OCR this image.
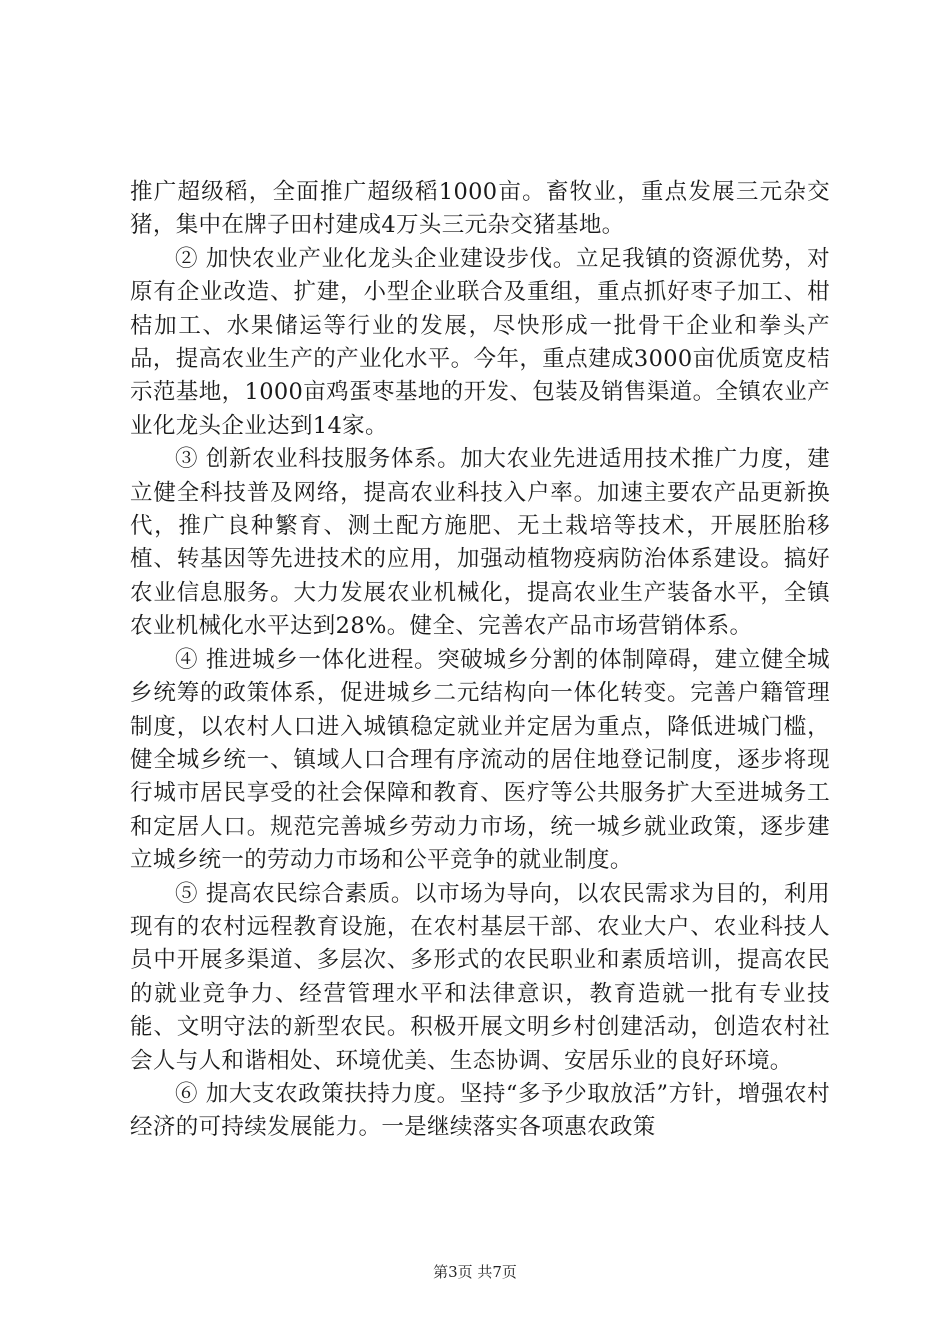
推广超级稻，全面推广超级稻1000亩。畜牧业，重点发展三元杂交猪，集中在牌子田村建成4万头三元杂交猪基地。

② 加快农业产业化龙头企业建设步伐。立足我镇的资源优势，对原有企业改造、扩建，小型企业联合及重组，重点抓好枣子加工、柑桔加工、水果储运等行业的发展，尽快形成一批骨干企业和拳头产品，提高农业生产的产业化水平。今年，重点建成3000亩优质宽皮桔示范基地，1000亩鸡蛋枣基地的开发、包装及销售渠道。全镇农业产业化龙头企业达到14家。

③ 创新农业科技服务体系。加大农业先进适用技术推广力度，建立健全科技普及网络，提高农业科技入户率。加速主要农产品更新换代，推广良种繁育、测土配方施肥、无土栽培等技术，开展胚胎移植、转基因等先进技术的应用，加强动植物疫病防治体系建设。搞好农业信息服务。大力发展农业机械化，提高农业生产装备水平，全镇农业机械化水平达到28%。健全、完善农产品市场营销体系。

④ 推进城乡一体化进程。突破城乡分割的体制障碍，建立健全城乡统筹的政策体系，促进城乡二元结构向一体化转变。完善户籍管理制度，以农村人口进入城镇稳定就业并定居为重点，降低进城门槛，健全城乡统一、镇域人口合理有序流动的居住地登记制度，逐步将现行城市居民享受的社会保障和教育、医疗等公共服务扩大至进城务工和定居人口。规范完善城乡劳动力市场，统一城乡就业政策，逐步建立城乡统一的劳动力市场和公平竞争的就业制度。

⑤ 提高农民综合素质。以市场为导向，以农民需求为目的，利用现有的农村远程教育设施，在农村基层干部、农业大户、农业科技人员中开展多渠道、多层次、多形式的农民职业和素质培训，提高农民的就业竞争力、经营管理水平和法律意识，教育造就一批有专业技能、文明守法的新型农民。积极开展文明乡村创建活动，创造农村社会人与人和谐相处、环境优美、生态协调、安居乐业的良好环境。

⑥ 加大支农政策扶持力度。坚持“多予少取放活”方针，增强农村经济的可持续发展能力。一是继续落实各项惠农政策

第3页 共7页
